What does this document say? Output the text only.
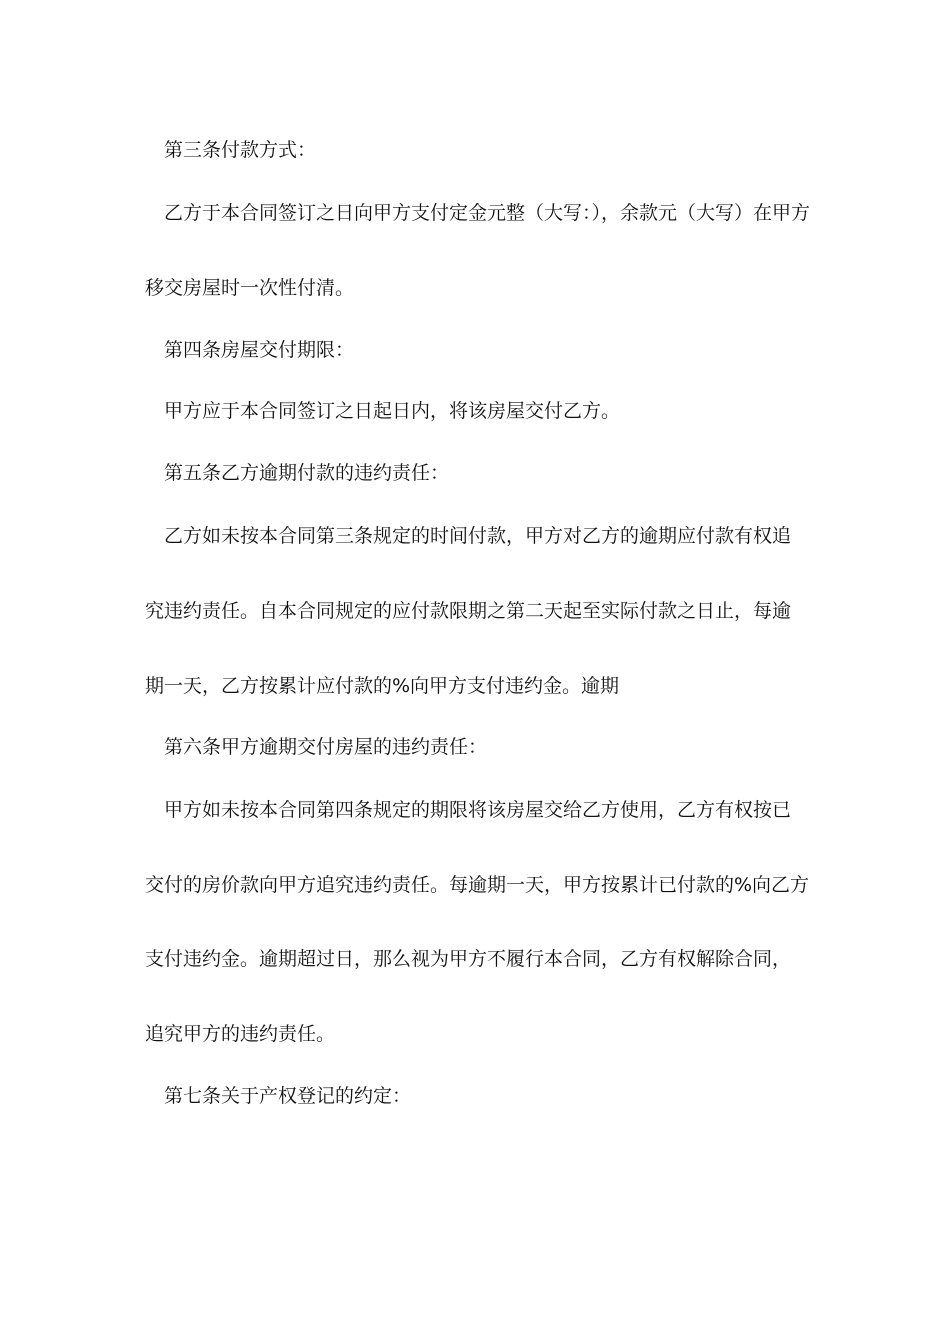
第三条付款方式：
乙方于本合同签订之日向甲方支付定金元整（大写：），余款元（大写）在甲方
移交房屋时一次性付清。
第四条房屋交付期限：
甲方应于本合同签订之日起日内，将该房屋交付乙方。
第五条乙方逾期付款的违约责任：
乙方如未按本合同第三条规定的时间付款，甲方对乙方的逾期应付款有权追
究违约责任。自本合同规定的应付款限期之第二天起至实际付款之日止，每逾
期一天，乙方按累计应付款的%向甲方支付违约金。逾期
第六条甲方逾期交付房屋的违约责任：
甲方如未按本合同第四条规定的期限将该房屋交给乙方使用，乙方有权按已
交付的房价款向甲方追究违约责任。每逾期一天，甲方按累计已付款的%向乙方
支付违约金。逾期超过日，那么视为甲方不履行本合同，乙方有权解除合同，
追究甲方的违约责任。
第七条关于产权登记的约定：
